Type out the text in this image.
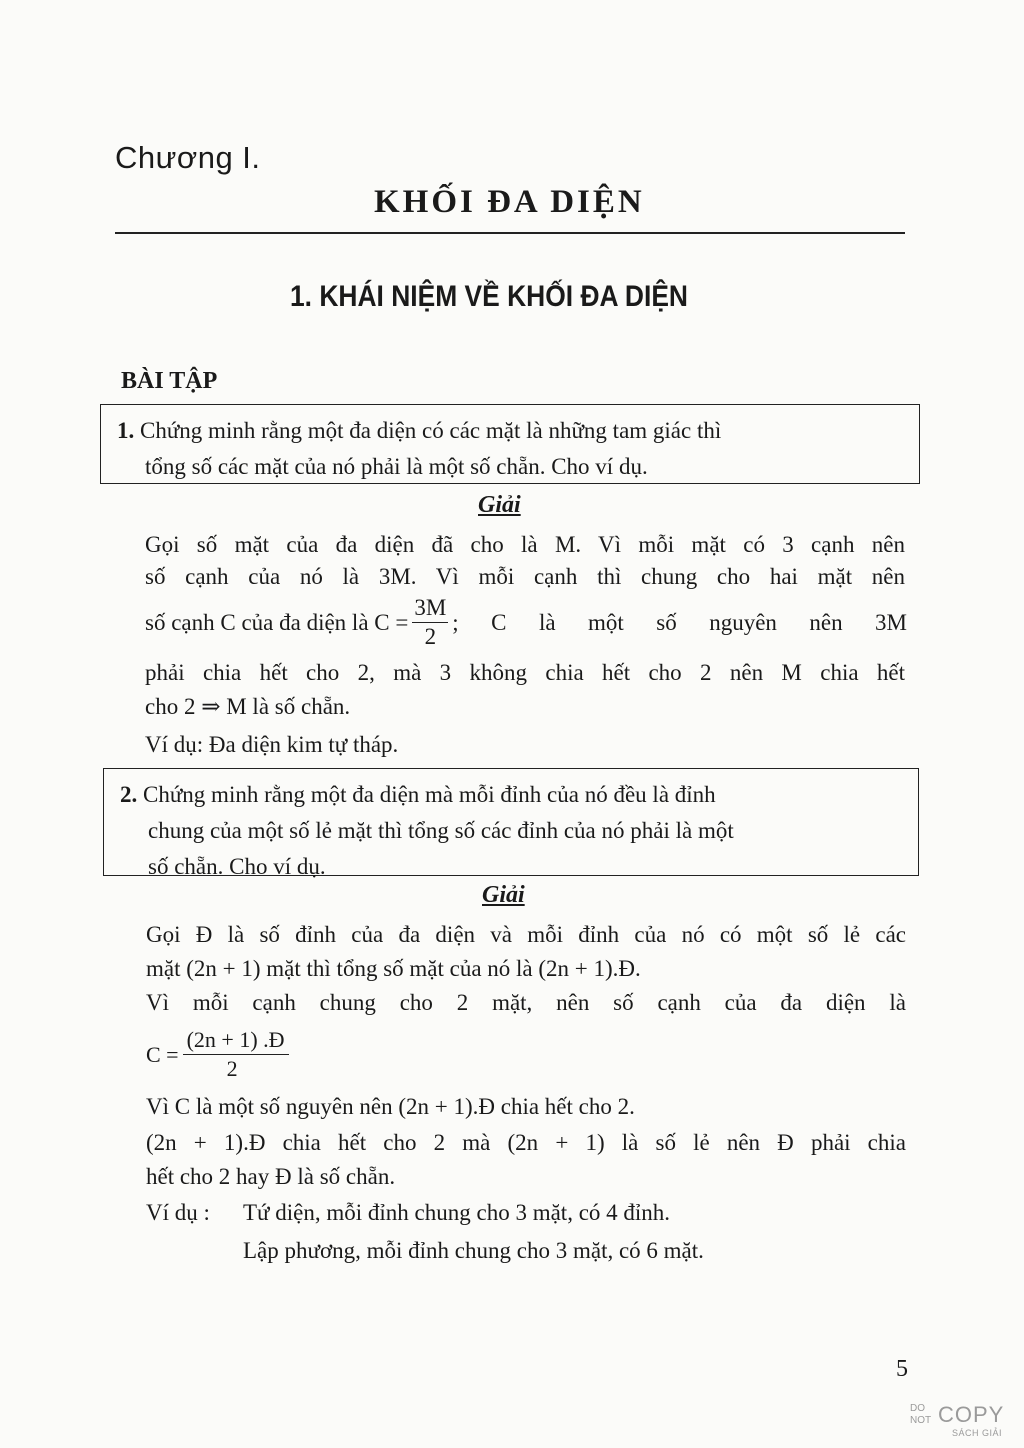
Chương I.
KHỐI ĐA DIỆN
1. KHÁI NIỆM VỀ KHỐI ĐA DIỆN
BÀI TẬP
1. Chứng minh rằng một đa diện có các mặt là những tam giác thì
tổng số các mặt của nó phải là một số chẵn. Cho ví dụ.
Giải
Gọi số mặt của đa diện đã cho là M. Vì mỗi mặt có 3 cạnh nên
số cạnh của nó là 3M. Vì mỗi cạnh thì chung cho hai mặt nên
số cạnh C của đa diện là $C = \frac{3M}{2}$ ; C là một số nguyên nên 3M
phải chia hết cho 2, mà 3 không chia hết cho 2 nên M chia hết
cho 2 ⇒ M là số chẵn.
Ví dụ: Đa diện kim tự tháp.
2. Chứng minh rằng một đa diện mà mỗi đỉnh của nó đều là đỉnh
chung của một số lẻ mặt thì tổng số các đỉnh của nó phải là một
số chẵn. Cho ví dụ.
Giải
Gọi Đ là số đỉnh của đa diện và mỗi đỉnh của nó có một số lẻ các
mặt (2n + 1) mặt thì tổng số mặt của nó là (2n + 1).Đ.
Vì mỗi cạnh chung cho 2 mặt, nên số cạnh của đa diện là
$C = \frac{(2n + 1) .Đ}{2}$
Vì C là một số nguyên nên (2n + 1).Đ chia hết cho 2.
(2n + 1).Đ chia hết cho 2 mà (2n + 1) là số lẻ nên Đ phải chia
hết cho 2 hay Đ là số chẵn.
Ví dụ : Tứ diện, mỗi đỉnh chung cho 3 mặt, có 4 đỉnh.
Lập phương, mỗi đỉnh chung cho 3 mặt, có 6 mặt.
5
DO
NOT COPY
SÁCH GIẢI
